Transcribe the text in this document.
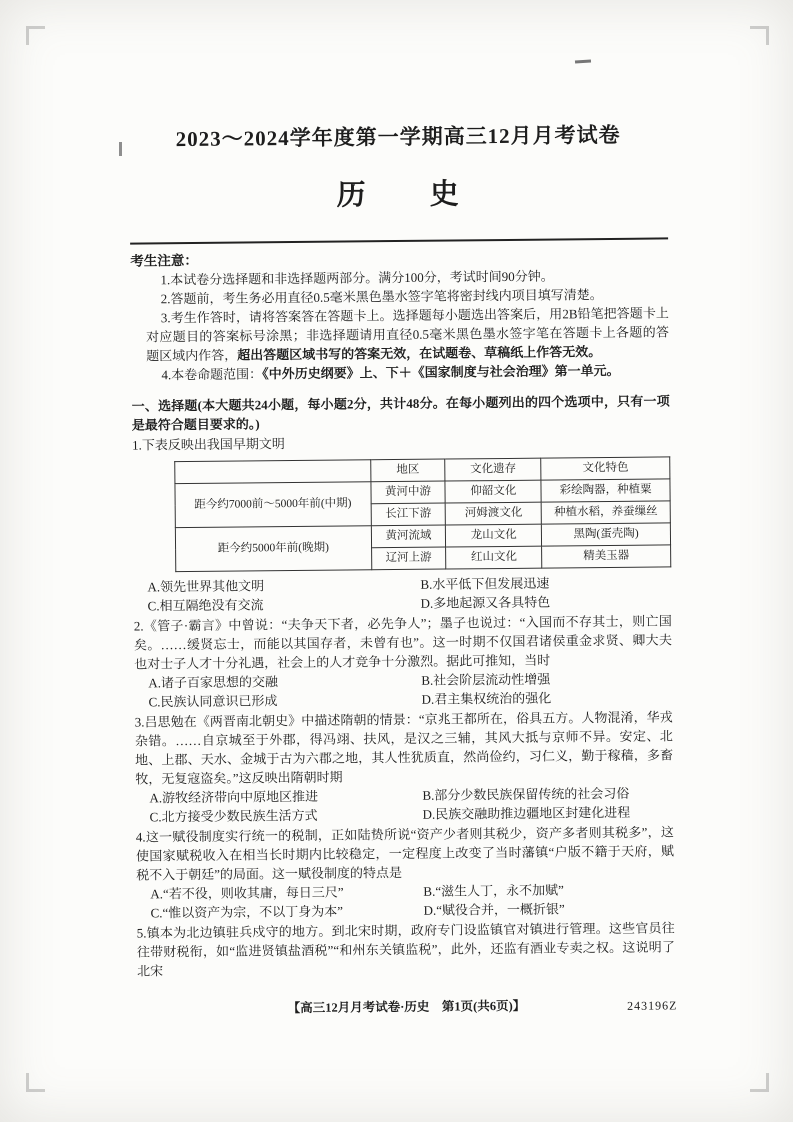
2023～2024学年度第一学期高三12月月考试卷
历　　史
考生注意：
1.本试卷分选择题和非选择题两部分。满分100分，考试时间90分钟。
2.答题前，考生务必用直径0.5毫米黑色墨水签字笔将密封线内项目填写清楚。
3.考生作答时，请将答案答在答题卡上。选择题每小题选出答案后，用2B铅笔把答题卡上对应题目的答案标号涂黑；非选择题请用直径0.5毫米黑色墨水签字笔在答题卡上各题的答题区域内作答，超出答题区域书写的答案无效，在试题卷、草稿纸上作答无效。
4.本卷命题范围：《中外历史纲要》上、下＋《国家制度与社会治理》第一单元。
一、选择题(本大题共24小题，每小题2分，共计48分。在每小题列出的四个选项中，只有一项是最符合题目要求的。)

1.下表反映出我国早期文明

	地区	文化遗存	文化特色
距今约7000前～5000年前(中期)	黄河中游	仰韶文化	彩绘陶器，种植粟
	长江下游	河姆渡文化	种植水稻，养蚕缫丝
距今约5000年前(晚期)	黄河流域	龙山文化	黑陶(蛋壳陶)
	辽河上游	红山文化	精美玉器
A.领先世界其他文明	B.水平低下但发展迅速
C.相互隔绝没有交流	D.多地起源又各具特色

2.《管子·霸言》中曾说：“夫争天下者，必先争人”；墨子也说过：“入国而不存其士，则亡国矣。……缓贤忘士，而能以其国存者，未曾有也”。这一时期不仅国君诸侯重金求贤、卿大夫也对士子人才十分礼遇，社会上的人才竞争十分激烈。据此可推知，当时

A.诸子百家思想的交融	B.社会阶层流动性增强
C.民族认同意识已形成	D.君主集权统治的强化

3.吕思勉在《两晋南北朝史》中描述隋朝的情景：“京兆王都所在，俗具五方。人物混淆，华戎杂错。……自京城至于外郡，得冯翊、扶风，是汉之三辅，其风大抵与京师不异。安定、北地、上郡、天水、金城于古为六郡之地，其人性犹质直，然尚俭约，习仁义，勤于稼穑，多畜牧，无复寇盗矣。”这反映出隋朝时期

A.游牧经济带向中原地区推进	B.部分少数民族保留传统的社会习俗
C.北方接受少数民族生活方式	D.民族交融助推边疆地区封建化进程

4.这一赋役制度实行统一的税制，正如陆贽所说“资产少者则其税少，资产多者则其税多”，这使国家赋税收入在相当长时期内比较稳定，一定程度上改变了当时藩镇“户版不籍于天府，赋税不入于朝廷”的局面。这一赋役制度的特点是

A.“若不役，则收其庸，每日三尺”	B.“滋生人丁，永不加赋”
C.“惟以资产为宗，不以丁身为本”	D.“赋役合并，一概折银”

5.镇本为北边镇驻兵戍守的地方。到北宋时期，政府专门设监镇官对镇进行管理。这些官员往往带财税衔，如“监进贤镇盐酒税”“和州东关镇监税”，此外，还监有酒业专卖之权。这说明了北宋

【高三12月月考试卷·历史　第1页(共6页)】	243196Z
